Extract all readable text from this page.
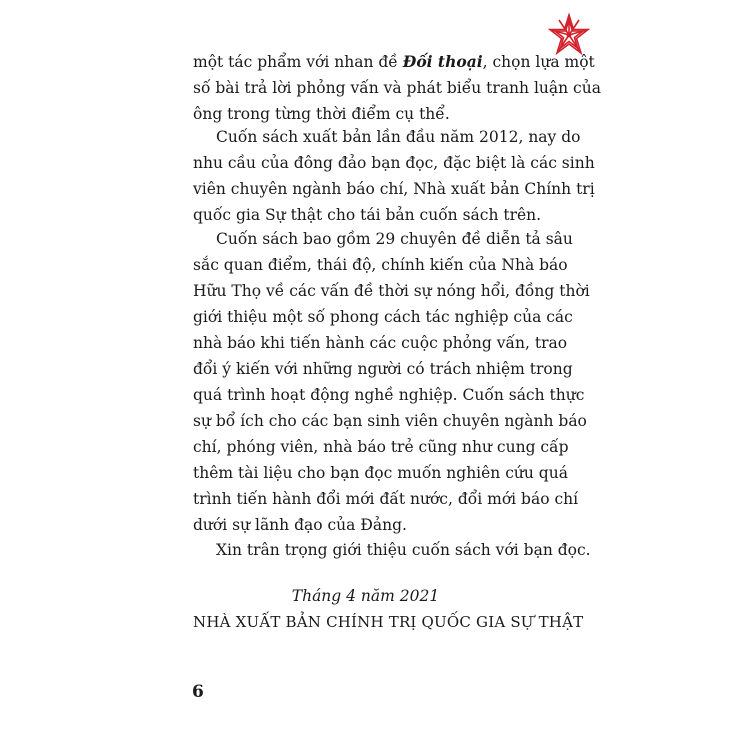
một tác phẩm với nhan đề Đối thoại, chọn lựa một
số bài trả lời phỏng vấn và phát biểu tranh luận của
ông trong từng thời điểm cụ thể.
Cuốn sách xuất bản lần đầu năm 2012, nay do
nhu cầu của đông đảo bạn đọc, đặc biệt là các sinh
viên chuyên ngành báo chí, Nhà xuất bản Chính trị
quốc gia Sự thật cho tái bản cuốn sách trên.
Cuốn sách bao gồm 29 chuyên đề diễn tả sâu
sắc quan điểm, thái độ, chính kiến của Nhà báo
Hữu Thọ về các vấn đề thời sự nóng hổi, đồng thời
giới thiệu một số phong cách tác nghiệp của các
nhà báo khi tiến hành các cuộc phỏng vấn, trao
đổi ý kiến với những người có trách nhiệm trong
quá trình hoạt động nghề nghiệp. Cuốn sách thực
sự bổ ích cho các bạn sinh viên chuyên ngành báo
chí, phóng viên, nhà báo trẻ cũng như cung cấp
thêm tài liệu cho bạn đọc muốn nghiên cứu quá
trình tiến hành đổi mới đất nước, đổi mới báo chí
dưới sự lãnh đạo của Đảng.
Xin trân trọng giới thiệu cuốn sách với bạn đọc.
Tháng 4 năm 2021
NHÀ XUẤT BẢN CHÍNH TRỊ QUỐC GIA SỰ THẬT
6
